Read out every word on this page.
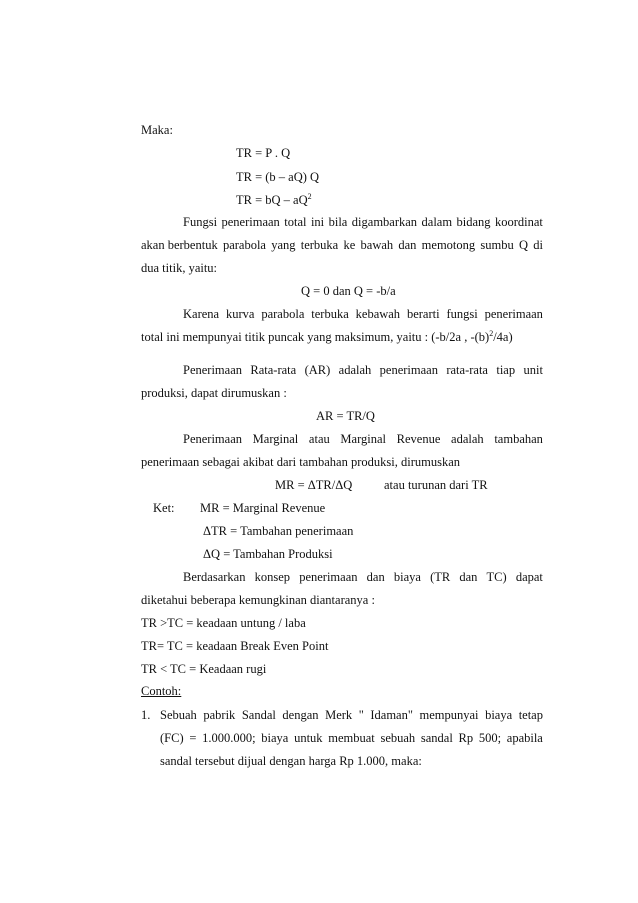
Maka:
TR = P . Q
TR = (b – aQ) Q
TR = bQ – $aQ^2$
Fungsi penerimaan total ini bila digambarkan dalam bidang koordinat
akan berbentuk parabola yang terbuka ke bawah dan memotong sumbu Q di
dua titik, yaitu:
Q = 0 dan Q = -b/a
Karena kurva parabola terbuka kebawah berarti fungsi penerimaan
total ini mempunyai titik puncak yang maksimum, yaitu : (-b/2a , $-(b)^2/4a$)
Penerimaan Rata-rata (AR) adalah penerimaan rata-rata tiap unit
produksi, dapat dirumuskan :
AR = TR/Q
Penerimaan Marginal atau Marginal Revenue adalah tambahan
penerimaan sebagai akibat dari tambahan produksi, dirumuskan
MR = ΔTR/ΔQ	atau turunan dari TR
Ket: MR = Marginal Revenue
ΔTR = Tambahan penerimaan
ΔQ = Tambahan Produksi
Berdasarkan konsep penerimaan dan biaya (TR dan TC) dapat
diketahui beberapa kemungkinan diantaranya :
TR >TC = keadaan untung / laba
TR= TC = keadaan Break Even Point
TR < TC = Keadaan rugi
Contoh:
1. Sebuah pabrik Sandal dengan Merk " Idaman" mempunyai biaya tetap
(FC) = 1.000.000; biaya untuk membuat sebuah sandal Rp 500; apabila
sandal tersebut dijual dengan harga Rp 1.000, maka:
